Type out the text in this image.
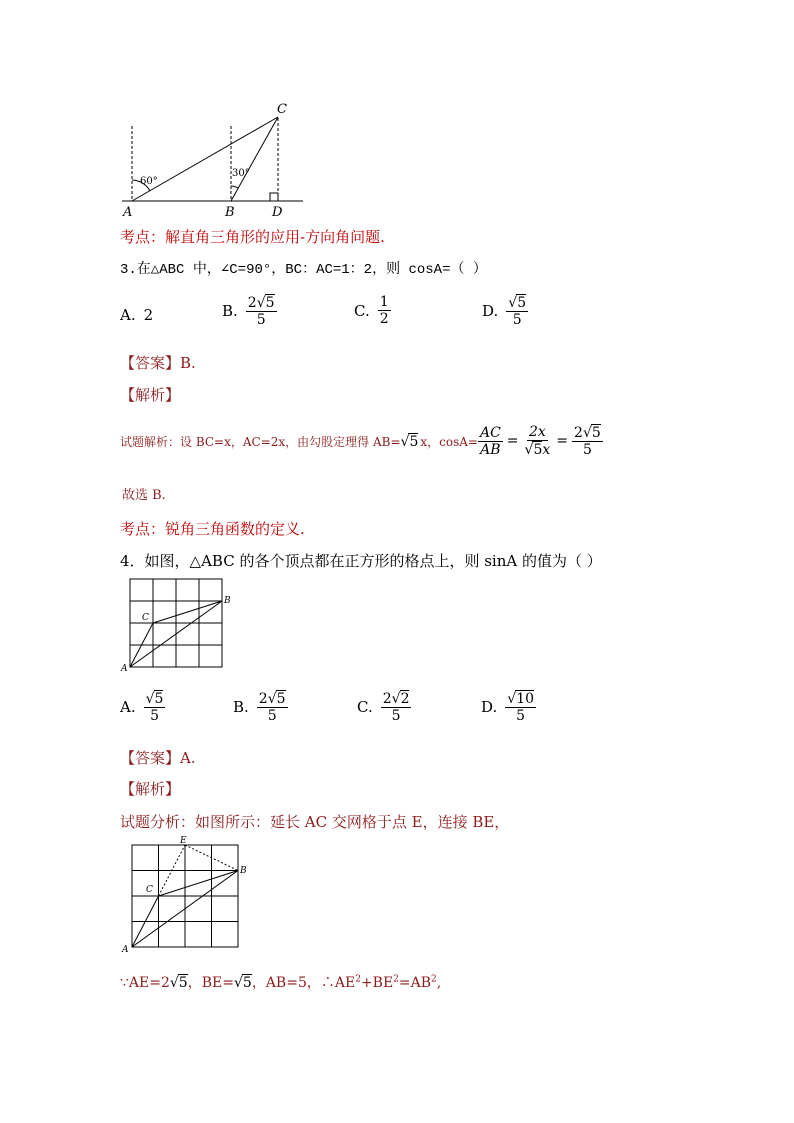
C
A	B	D
60°
30°
考点：解直角三角形的应用-方向角问题.
3.在△ABC 中，∠C=90°，BC：AC=1：2，则 cosA=（ ）
A. 2	B. $\frac{2√5}{5}$	C. $\frac{1}{2}$	D. $\frac{√5}{5}$
【答案】B.
【解析】
试题解析：设 BC=x，AC=2x，由勾股定理得 AB= √5 x，$\cos A= \frac{AC}{AB} = \frac{2x}{√5x} = \frac{2√5}{5}$
故选 B.
考点：锐角三角函数的定义.
4．如图，△ABC 的各个顶点都在正方形的格点上，则 sinA 的值为（ ）
A
B
C
A. $\frac{√5}{5}$	B. $\frac{2√5}{5}$	C. $\frac{2√2}{5}$	D. $\frac{√10}{5}$
【答案】A.
【解析】
试题分析：如图所示：延长 AC 交网格于点 E，连接 BE，
A
B
C
E
∵AE=2√5，BE=√5，AB=5，$\therefore AE^2+BE^2=AB^2$,
